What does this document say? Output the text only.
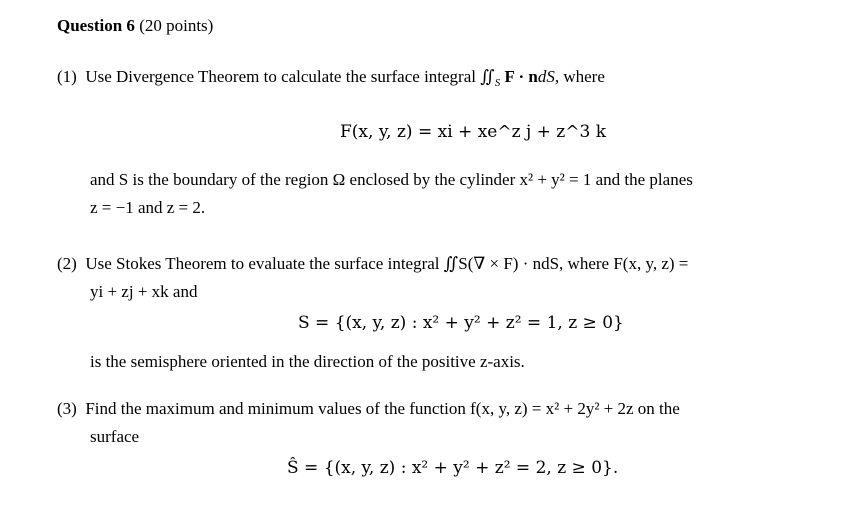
Question 6 (20 points)
(1) Use Divergence Theorem to calculate the surface integral $∬_S$ F · ndS, where
F(x, y, z) = xi + xe^z j + z^3 k
and S is the boundary of the region Ω enclosed by the cylinder x² + y² = 1 and the planes
z = −1 and z = 2.
(2) Use Stokes Theorem to evaluate the surface integral ∬S(∇ × F) · ndS, where F(x, y, z) =
yi + zj + xk and
S = {(x, y, z) : x² + y² + z² = 1, z ≥ 0}
is the semisphere oriented in the direction of the positive z-axis.
(3) Find the maximum and minimum values of the function f(x, y, z) = x² + 2y² + 2z on the
surface
Ŝ = {(x, y, z) : x² + y² + z² = 2, z ≥ 0}.
